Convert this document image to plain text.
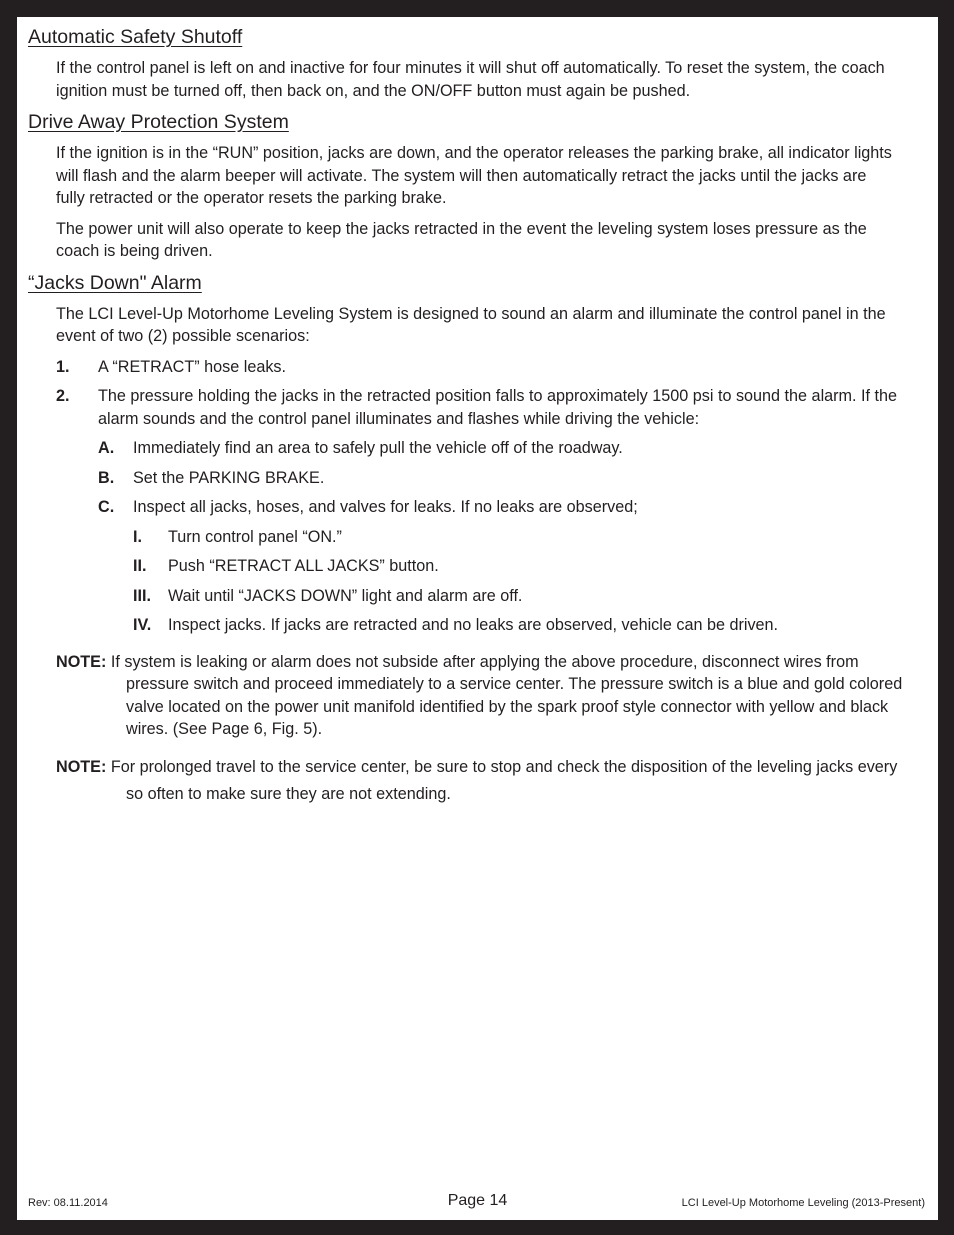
Automatic Safety Shutoff

If the control panel is left on and inactive for four minutes it will shut off automatically. To reset the system, the coach ignition must be turned off, then back on, and the ON/OFF button must again be pushed.

Drive Away Protection System

If the ignition is in the “RUN” position, jacks are down, and the operator releases the parking brake, all indicator lights will flash and the alarm beeper will activate. The system will then automatically retract the jacks until the jacks are fully retracted or the operator resets the parking brake.

The power unit will also operate to keep the jacks retracted in the event the leveling system loses pressure as the coach is being driven.

“Jacks Down" Alarm

The LCI Level-Up Motorhome Leveling System is designed to sound an alarm and illuminate the control panel in the event of two (2) possible scenarios:

1.	A “RETRACT” hose leaks.
2.	The pressure holding the jacks in the retracted position falls to approximately 1500 psi to sound the alarm. If the alarm sounds and the control panel illuminates and flashes while driving the vehicle:
A.	Immediately find an area to safely pull the vehicle off of the roadway.
B.	Set the PARKING BRAKE.
C.	Inspect all jacks, hoses, and valves for leaks. If no leaks are observed;
I.	Turn control panel “ON.”
II.	Push “RETRACT ALL JACKS” button.
III.	Wait until “JACKS DOWN” light and alarm are off.
IV.	Inspect jacks. If jacks are retracted and no leaks are observed, vehicle can be driven.
NOTE: If system is leaking or alarm does not subside after applying the above procedure, disconnect wires from pressure switch and proceed immediately to a service center. The pressure switch is a blue and gold colored valve located on the power unit manifold identified by the spark proof style connector with yellow and black wires. (See Page 6, Fig. 5).
NOTE: For prolonged travel to the service center, be sure to stop and check the disposition of the leveling jacks every so often to make sure they are not extending.
Rev: 08.11.2014	Page 14	LCI Level-Up Motorhome Leveling (2013-Present)
